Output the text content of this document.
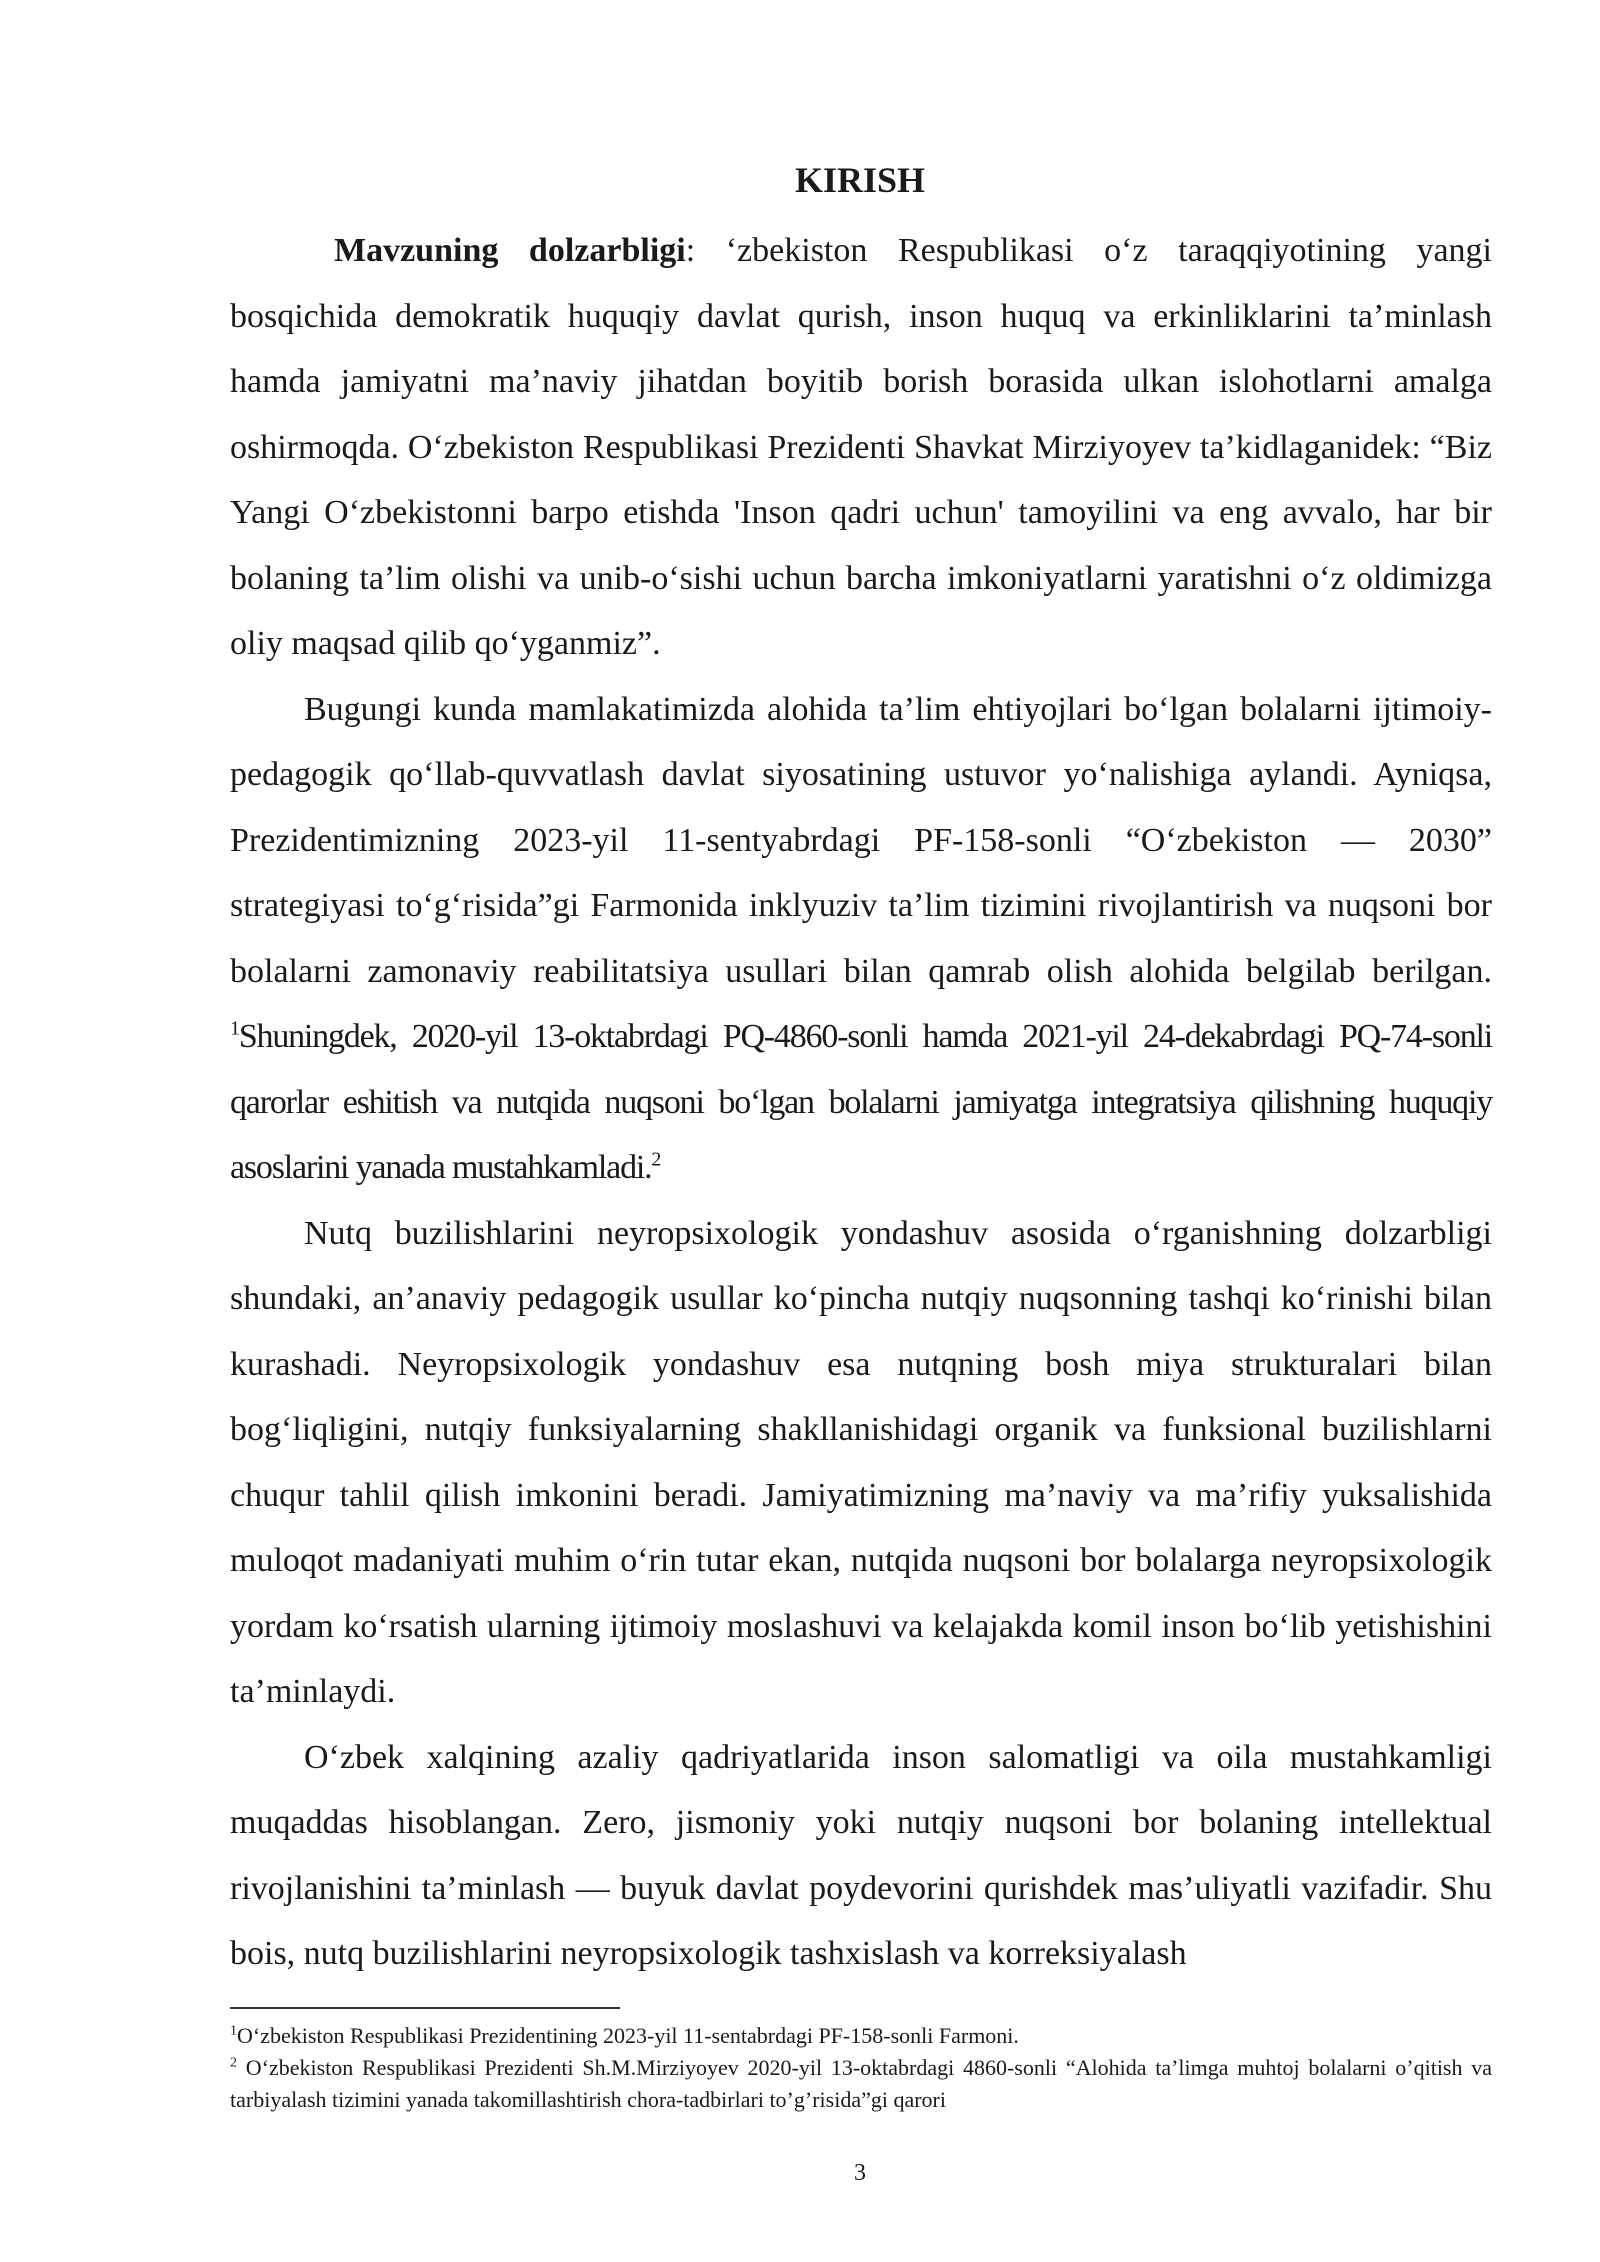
KIRISH

Mavzuning dolzarbligi: ‘zbekiston Respublikasi o‘z taraqqiyotining yangi bosqichida demokratik huquqiy davlat qurish, inson huquq va erkinliklarini ta’minlash hamda jamiyatni ma’naviy jihatdan boyitib borish borasida ulkan islohotlarni amalga oshirmoqda. O‘zbekiston Respublikasi Prezidenti Shavkat Mirziyoyev ta’kidlaganidek: “Biz Yangi O‘zbekistonni barpo etishda 'Inson qadri uchun' tamoyilini va eng avvalo, har bir bolaning ta’lim olishi va unib-o‘sishi uchun barcha imkoniyatlarni yaratishni o‘z oldimizga oliy maqsad qilib qo‘yganmiz”.

Bugungi kunda mamlakatimizda alohida ta’lim ehtiyojlari bo‘lgan bolalarni ijtimoiy-pedagogik qo‘llab-quvvatlash davlat siyosatining ustuvor yo‘nalishiga aylandi. Ayniqsa, Prezidentimizning 2023-yil 11-sentyabrdagi PF-158-sonli “O‘zbekiston — 2030” strategiyasi to‘g‘risida”gi Farmonida inklyuziv ta’lim tizimini rivojlantirish va nuqsoni bor bolalarni zamonaviy reabilitatsiya usullari bilan qamrab olish alohida belgilab berilgan. $^1$Shuningdek, 2020-yil 13-oktabrdagi PQ-4860-sonli hamda 2021-yil 24-dekabrdagi PQ-74-sonli qarorlar eshitish va nutqida nuqsoni bo‘lgan bolalarni jamiyatga integratsiya qilishning huquqiy asoslarini yanada mustahkamladi.$^2$

Nutq buzilishlarini neyropsixologik yondashuv asosida o‘rganishning dolzarbligi shundaki, an’anaviy pedagogik usullar ko‘pincha nutqiy nuqsonning tashqi ko‘rinishi bilan kurashadi. Neyropsixologik yondashuv esa nutqning bosh miya strukturalari bilan bog‘liqligini, nutqiy funksiyalarning shakllanishidagi organik va funksional buzilishlarni chuqur tahlil qilish imkonini beradi. Jamiyatimizning ma’naviy va ma’rifiy yuksalishida muloqot madaniyati muhim o‘rin tutar ekan, nutqida nuqsoni bor bolalarga neyropsixologik yordam ko‘rsatish ularning ijtimoiy moslashuvi va kelajakda komil inson bo‘lib yetishishini ta’minlaydi.

O‘zbek xalqining azaliy qadriyatlarida inson salomatligi va oila mustahkamligi muqaddas hisoblangan. Zero, jismoniy yoki nutqiy nuqsoni bor bolaning intellektual rivojlanishini ta’minlash — buyuk davlat poydevorini qurishdek mas’uliyatli vazifadir. Shu bois, nutq buzilishlarini neyropsixologik tashxislash va korreksiyalash

$^1$O‘zbekiston Respublikasi Prezidentining 2023-yil 11-sentabrdagi PF-158-sonli Farmoni.

$^2$ O‘zbekiston Respublikasi Prezidenti Sh.M.Mirziyoyev 2020-yil 13-oktabrdagi 4860-sonli “Alohida ta’limga muhtoj bolalarni o’qitish va tarbiyalash tizimini yanada takomillashtirish chora-tadbirlari to’g’risida”gi qarori

3
